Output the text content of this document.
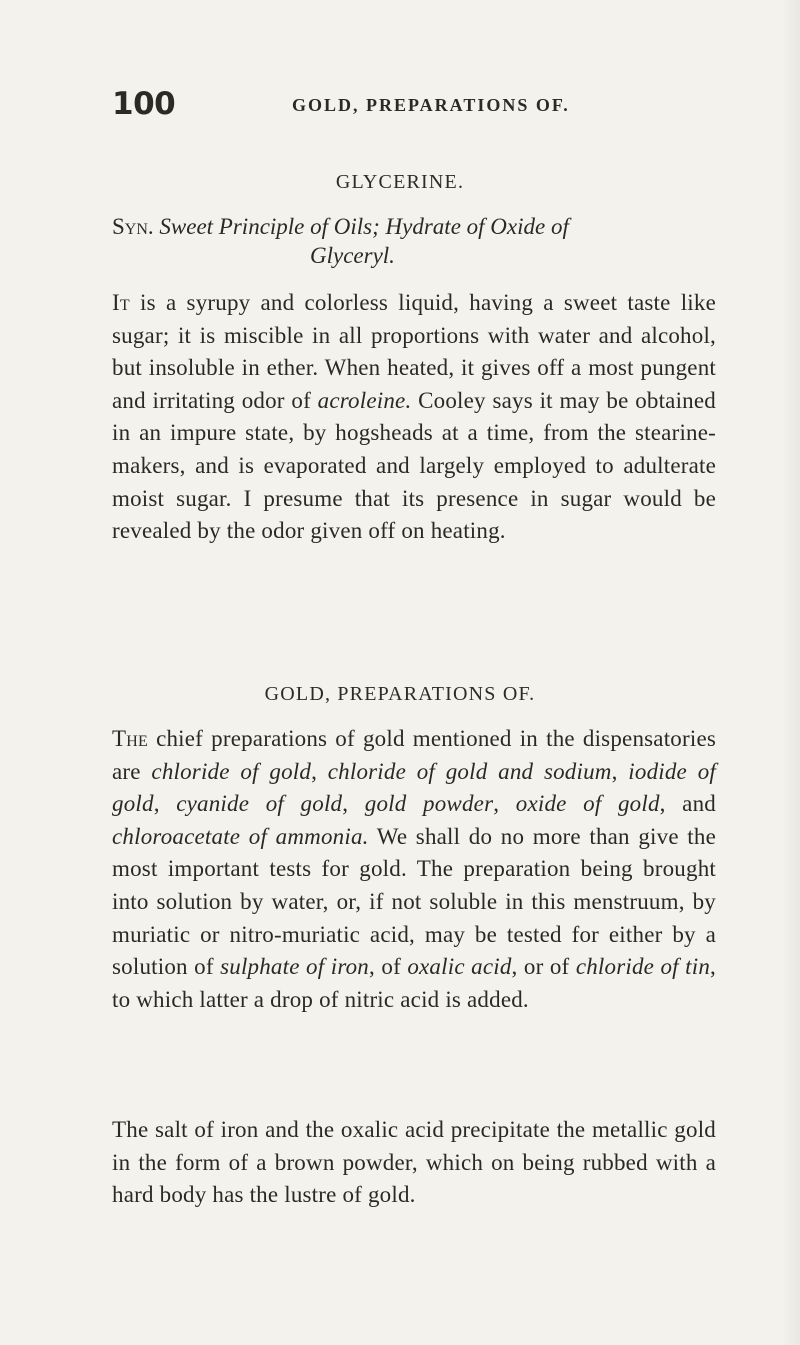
100	GOLD, PREPARATIONS OF.
GLYCERINE.
Syn. Sweet Principle of Oils; Hydrate of Oxide of
Glyceryl.

It is a syrupy and colorless liquid, having a sweet taste like sugar; it is miscible in all proportions with water and alcohol, but insoluble in ether. When heated, it gives off a most pungent and irritating odor of acroleine. Cooley says it may be obtained in an impure state, by hogsheads at a time, from the stearine-makers, and is evaporated and largely employed to adulterate moist sugar. I presume that its presence in sugar would be revealed by the odor given off on heating.

GOLD, PREPARATIONS OF.

The chief preparations of gold mentioned in the dispensatories are chloride of gold, chloride of gold and sodium, iodide of gold, cyanide of gold, gold powder, oxide of gold, and chloroacetate of ammonia. We shall do no more than give the most important tests for gold. The preparation being brought into solution by water, or, if not soluble in this menstruum, by muriatic or nitro-muriatic acid, may be tested for either by a solution of sulphate of iron, of oxalic acid, or of chloride of tin, to which latter a drop of nitric acid is added.

The salt of iron and the oxalic acid precipitate the metallic gold in the form of a brown powder, which on being rubbed with a hard body has the lustre of gold.
